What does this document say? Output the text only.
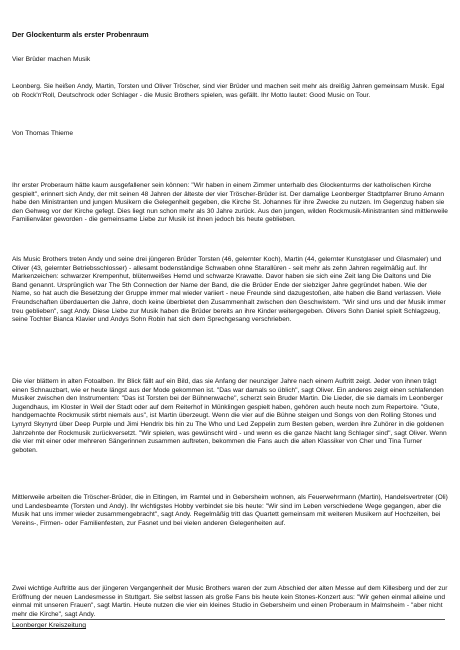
Der Glockenturm als erster Probenraum

Vier Brüder machen Musik

Leonberg. Sie heißen Andy, Martin, Torsten und Oliver Tröscher, sind vier Brüder und machen seit mehr als dreißig Jahren gemeinsam Musik. Egal ob Rock'n'Roll, Deutschrock oder Schlager - die Music Brothers spielen, was gefällt. Ihr Motto lautet: Good Music on Tour.

Von Thomas Thieme

Ihr erster Proberaum hätte kaum ausgefallener sein können: "Wir haben in einem Zimmer unterhalb des Glockenturms der katholischen Kirche gespielt", erinnert sich Andy, der mit seinen 48 Jahren der älteste der vier Tröscher-Brüder ist. Der damalige Leonberger Stadtpfarrer Bruno Amann habe den Ministranten und jungen Musikern die Gelegenheit gegeben, die Kirche St. Johannes für ihre Zwecke zu nutzen. Im Gegenzug haben sie den Gehweg vor der Kirche gefegt. Dies liegt nun schon mehr als 30 Jahre zurück. Aus den jungen, wilden Rockmusik-Ministranten sind mittlerweile Familienväter geworden - die gemeinsame Liebe zur Musik ist ihnen jedoch bis heute geblieben.

Als Music Brothers treten Andy und seine drei jüngeren Brüder Torsten (46, gelernter Koch), Martin (44, gelernter Kunstglaser und Glasmaler) und Oliver (43, gelernter Betriebsschlosser) - allesamt bodenständige Schwaben ohne Starallüren - seit mehr als zehn Jahren regelmäßig auf. Ihr Markenzeichen: schwarzer Krempenhut, blütenweißes Hemd und schwarze Krawatte. Davor haben sie sich eine Zeit lang Die Daltons und Die Band genannt. Ursprünglich war The 5th Connection der Name der Band, die die Brüder Ende der siebziger Jahre gegründet haben. Wie der Name, so hat auch die Besetzung der Gruppe immer mal wieder variiert - neue Freunde sind dazugestoßen, alte haben die Band verlassen. Viele Freundschaften überdauerten die Jahre, doch keine überbietet den Zusammenhalt zwischen den Geschwistern. "Wir sind uns und der Musik immer treu geblieben", sagt Andy. Diese Liebe zur Musik haben die Brüder bereits an ihre Kinder weitergegeben. Olivers Sohn Daniel spielt Schlagzeug, seine Tochter Bianca Klavier und Andys Sohn Robin hat sich dem Sprechgesang verschrieben.

Die vier blättern in alten Fotoalben. Ihr Blick fällt auf ein Bild, das sie Anfang der neunziger Jahre nach einem Auftritt zeigt. Jeder von ihnen trägt einen Schnauzbart, wie er heute längst aus der Mode gekommen ist. "Das war damals so üblich", sagt Oliver. Ein anderes zeigt einen schlafenden Musiker zwischen den Instrumenten: "Das ist Torsten bei der Bühnenwache", scherzt sein Bruder Martin. Die Lieder, die sie damals im Leonberger Jugendhaus, im Kloster in Weil der Stadt oder auf dem Reiterhof in Münklingen gespielt haben, gehören auch heute noch zum Repertoire. "Gute, handgemachte Rockmusik stirbt niemals aus", ist Martin überzeugt. Wenn die vier auf die Bühne steigen und Songs von den Rolling Stones und Lynyrd Skynyrd über Deep Purple und Jimi Hendrix bis hin zu The Who und Led Zeppelin zum Besten geben, werden ihre Zuhörer in die goldenen Jahrzehnte der Rockmusik zurückversetzt. "Wir spielen, was gewünscht wird - und wenn es die ganze Nacht lang Schlager sind", sagt Oliver. Wenn die vier mit einer oder mehreren Sängerinnen zusammen auftreten, bekommen die Fans auch die alten Klassiker von Cher und Tina Turner geboten.

Mittlerweile arbeiten die Tröscher-Brüder, die in Eltingen, im Ramtel und in Gebersheim wohnen, als Feuerwehrmann (Martin), Handelsvertreter (Oli) und Landesbeamte (Torsten und Andy). Ihr wichtigstes Hobby verbindet sie bis heute: "Wir sind im Leben verschiedene Wege gegangen, aber die Musik hat uns immer wieder zusammengebracht", sagt Andy. Regelmäßig tritt das Quartett gemeinsam mit weiteren Musikern auf Hochzeiten, bei Vereins-, Firmen- oder Familienfesten, zur Fasnet und bei vielen anderen Gelegenheiten auf.

Zwei wichtige Auftritte aus der jüngeren Vergangenheit der Music Brothers waren der zum Abschied der alten Messe auf dem Killesberg und der zur Eröffnung der neuen Landesmesse in Stuttgart. Sie selbst lassen als große Fans bis heute kein Stones-Konzert aus: "Wir gehen einmal alleine und einmal mit unseren Frauen", sagt Martin. Heute nutzen die vier ein kleines Studio in Gebersheim und einen Proberaum in Malmsheim - "aber nicht mehr die Kirche", sagt Andy.

Leonberger Kreiszeitung
